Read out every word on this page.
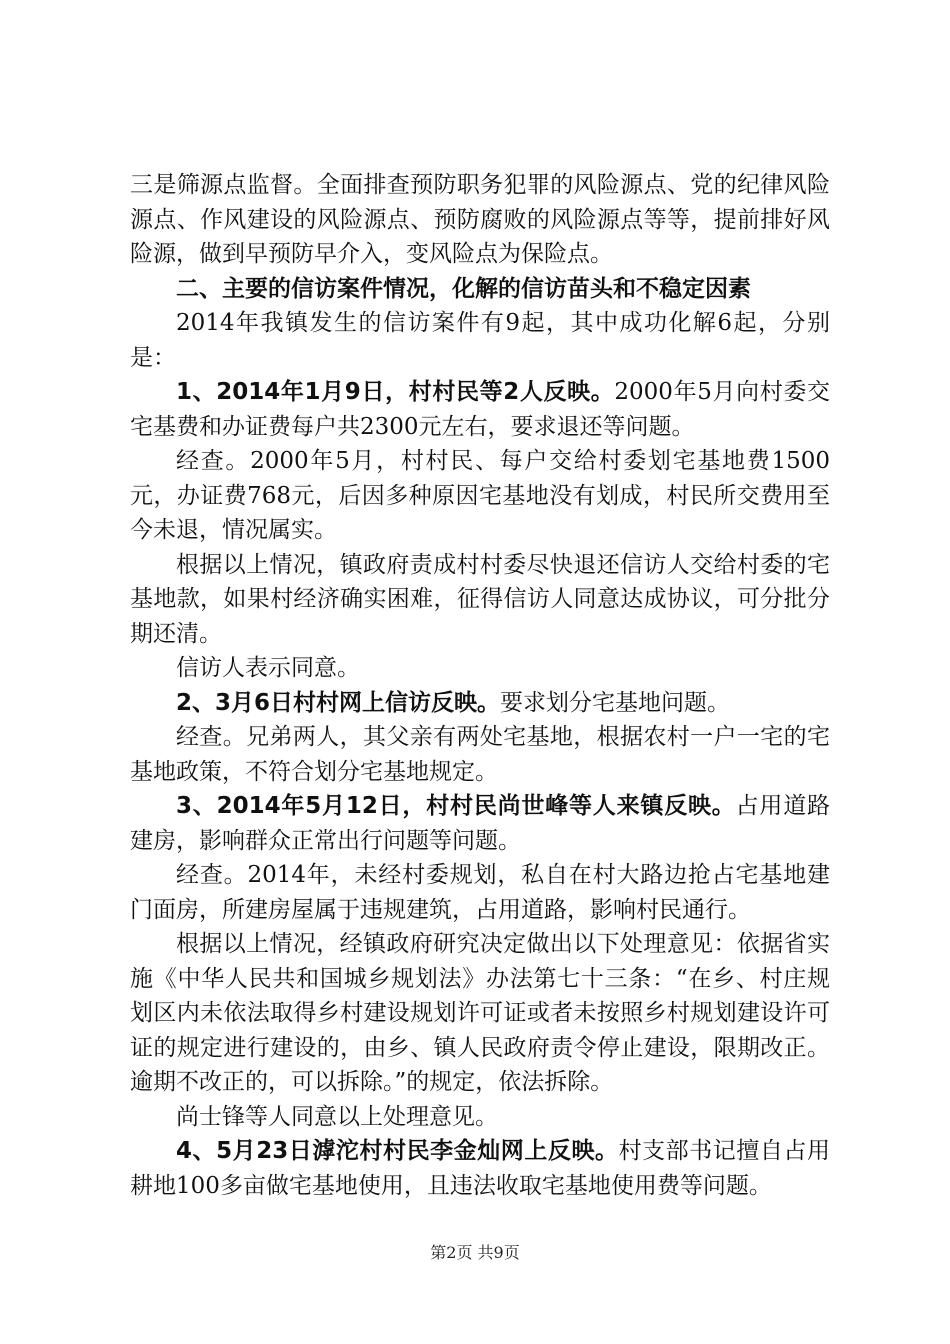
三是筛源点监督。全面排查预防职务犯罪的风险源点、党的纪律风险源点、作风建设的风险源点、预防腐败的风险源点等等，提前排好风险源，做到早预防早介入，变风险点为保险点。

二、主要的信访案件情况，化解的信访苗头和不稳定因素

2014年我镇发生的信访案件有9起，其中成功化解6起，分别是：

1、2014年1月9日，村村民等2人反映。2000年5月向村委交宅基费和办证费每户共2300元左右，要求退还等问题。

经查。2000年5月，村村民、每户交给村委划宅基地费1500元，办证费768元，后因多种原因宅基地没有划成，村民所交费用至今未退，情况属实。

根据以上情况，镇政府责成村村委尽快退还信访人交给村委的宅基地款，如果村经济确实困难，征得信访人同意达成协议，可分批分期还清。

信访人表示同意。

2、3月6日村村网上信访反映。要求划分宅基地问题。

经查。兄弟两人，其父亲有两处宅基地，根据农村一户一宅的宅基地政策，不符合划分宅基地规定。

3、2014年5月12日，村村民尚世峰等人来镇反映。占用道路建房，影响群众正常出行问题等问题。

经查。2014年，未经村委规划，私自在村大路边抢占宅基地建门面房，所建房屋属于违规建筑，占用道路，影响村民通行。

根据以上情况，经镇政府研究决定做出以下处理意见：依据省实施《中华人民共和国城乡规划法》办法第七十三条：“在乡、村庄规划区内未依法取得乡村建设规划许可证或者未按照乡村规划建设许可证的规定进行建设的，由乡、镇人民政府责令停止建设，限期改正。逾期不改正的，可以拆除。”的规定，依法拆除。

尚士锋等人同意以上处理意见。

4、5月23日滹沱村村民李金灿网上反映。村支部书记擅自占用耕地100多亩做宅基地使用，且违法收取宅基地使用费等问题。

第2页 共9页
